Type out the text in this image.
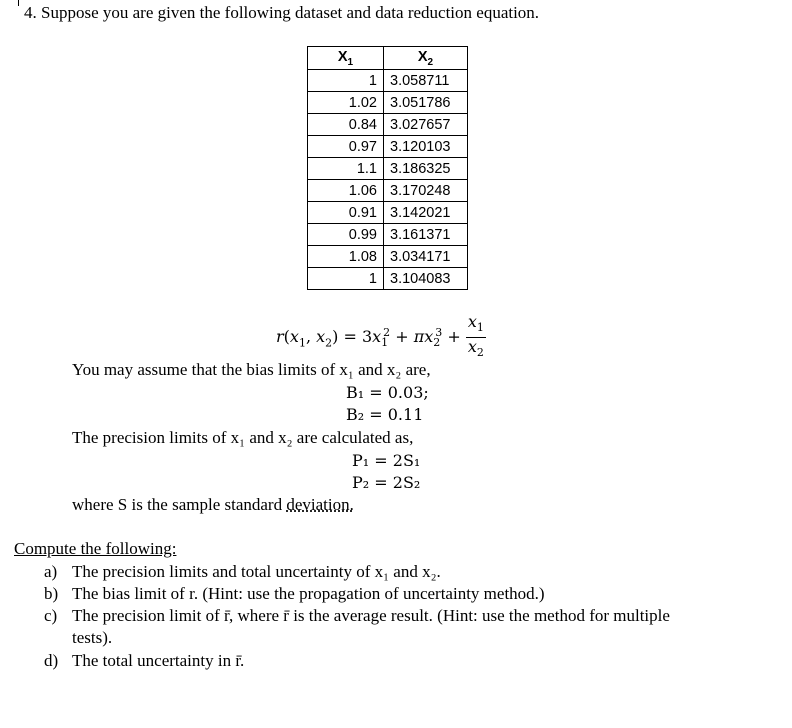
4. Suppose you are given the following dataset and data reduction equation.
$X_1$	$X_2$
1	3.058711
1.02	3.051786
0.84	3.027657
0.97	3.120103
1.1	3.186325
1.06	3.170248
0.91	3.142021
0.99	3.161371
1.08	3.034171
1	3.104083
$r(x_1$, $x_2) = 3x_1^2 + \pi x_2^3 + \frac{x_1}{x_2}$
You may assume that the bias limits of x₁ and x₂ are,
B₁ = 0.03;
B₂ = 0.11
The precision limits of x₁ and x₂ are calculated as,
P₁ = 2S₁
P₂ = 2S₂
where S is the sample standard deviation.
Compute the following:
a) The precision limits and total uncertainty of x₁ and x₂.
b) The bias limit of r. (Hint: use the propagation of uncertainty method.)
c) The precision limit of r̄, where r̄ is the average result. (Hint: use the method for multiple
tests).
d) The total uncertainty in r̄.
